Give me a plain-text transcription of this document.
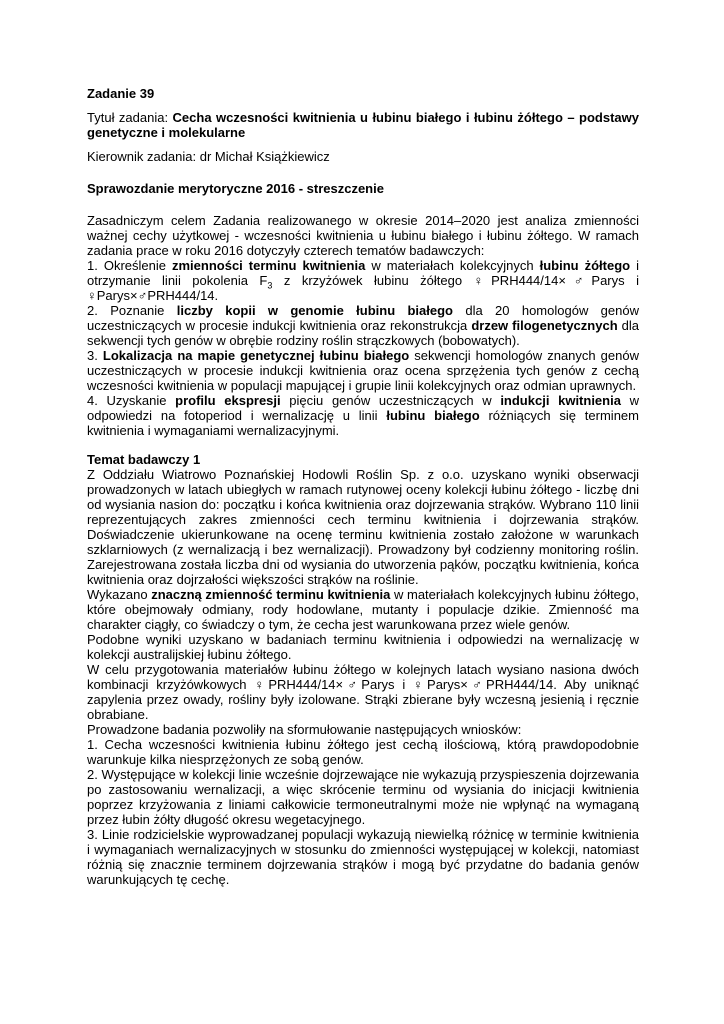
Zadanie 39

Tytuł zadania: Cecha wczesności kwitnienia u łubinu białego i łubinu żółtego – podstawy genetyczne i molekularne

Kierownik zadania: dr Michał Książkiewicz

Sprawozdanie merytoryczne 2016 - streszczenie

Zasadniczym celem Zadania realizowanego w okresie 2014–2020 jest analiza zmienności ważnej cechy użytkowej - wczesności kwitnienia u łubinu białego i łubinu żółtego. W ramach zadania prace w roku 2016 dotyczyły czterech tematów badawczych:

1. Określenie zmienności terminu kwitnienia w materiałach kolekcyjnych łubinu żółtego i otrzymanie linii pokolenia $F_3$ z krzyżówek łubinu żółtego ♀PRH444/14×♂Parys i ♀Parys×♂PRH444/14.

2. Poznanie liczby kopii w genomie łubinu białego dla 20 homologów genów uczestniczących w procesie indukcji kwitnienia oraz rekonstrukcja drzew filogenetycznych dla sekwencji tych genów w obrębie rodziny roślin strączkowych (bobowatych).

3. Lokalizacja na mapie genetycznej łubinu białego sekwencji homologów znanych genów uczestniczących w procesie indukcji kwitnienia oraz ocena sprzężenia tych genów z cechą wczesności kwitnienia w populacji mapującej i grupie linii kolekcyjnych oraz odmian uprawnych.

4. Uzyskanie profilu ekspresji pięciu genów uczestniczących w indukcji kwitnienia w odpowiedzi na fotoperiod i wernalizację u linii łubinu białego różniących się terminem kwitnienia i wymaganiami wernalizacyjnymi.

Temat badawczy 1

Z Oddziału Wiatrowo Poznańskiej Hodowli Roślin Sp. z o.o. uzyskano wyniki obserwacji prowadzonych w latach ubiegłych w ramach rutynowej oceny kolekcji łubinu żółtego - liczbę dni od wysiania nasion do: początku i końca kwitnienia oraz dojrzewania strąków. Wybrano 110 linii reprezentujących zakres zmienności cech terminu kwitnienia i dojrzewania strąków. Doświadczenie ukierunkowane na ocenę terminu kwitnienia zostało założone w warunkach szklarniowych (z wernalizacją i bez wernalizacji). Prowadzony był codzienny monitoring roślin. Zarejestrowana została liczba dni od wysiania do utworzenia pąków, początku kwitnienia, końca kwitnienia oraz dojrzałości większości strąków na roślinie.

Wykazano znaczną zmienność terminu kwitnienia w materiałach kolekcyjnych łubinu żółtego, które obejmowały odmiany, rody hodowlane, mutanty i populacje dzikie. Zmienność ma charakter ciągły, co świadczy o tym, że cecha jest warunkowana przez wiele genów.

Podobne wyniki uzyskano w badaniach terminu kwitnienia i odpowiedzi na wernalizację w kolekcji australijskiej łubinu żółtego.

W celu przygotowania materiałów łubinu żółtego w kolejnych latach wysiano nasiona dwóch kombinacji krzyżówkowych ♀PRH444/14×♂Parys i ♀Parys×♂PRH444/14. Aby uniknąć zapylenia przez owady, rośliny były izolowane. Strąki zbierane były wczesną jesienią i ręcznie obrabiane.

Prowadzone badania pozwoliły na sformułowanie następujących wniosków:

1. Cecha wczesności kwitnienia łubinu żółtego jest cechą ilościową, którą prawdopodobnie warunkuje kilka niesprzężonych ze sobą genów.

2. Występujące w kolekcji linie wcześnie dojrzewające nie wykazują przyspieszenia dojrzewania po zastosowaniu wernalizacji, a więc skrócenie terminu od wysiania do inicjacji kwitnienia poprzez krzyżowania z liniami całkowicie termoneutralnymi może nie wpłynąć na wymaganą przez łubin żółty długość okresu wegetacyjnego.

3. Linie rodzicielskie wyprowadzanej populacji wykazują niewielką różnicę w terminie kwitnienia i wymaganiach wernalizacyjnych w stosunku do zmienności występującej w kolekcji, natomiast różnią się znacznie terminem dojrzewania strąków i mogą być przydatne do badania genów warunkujących tę cechę.
